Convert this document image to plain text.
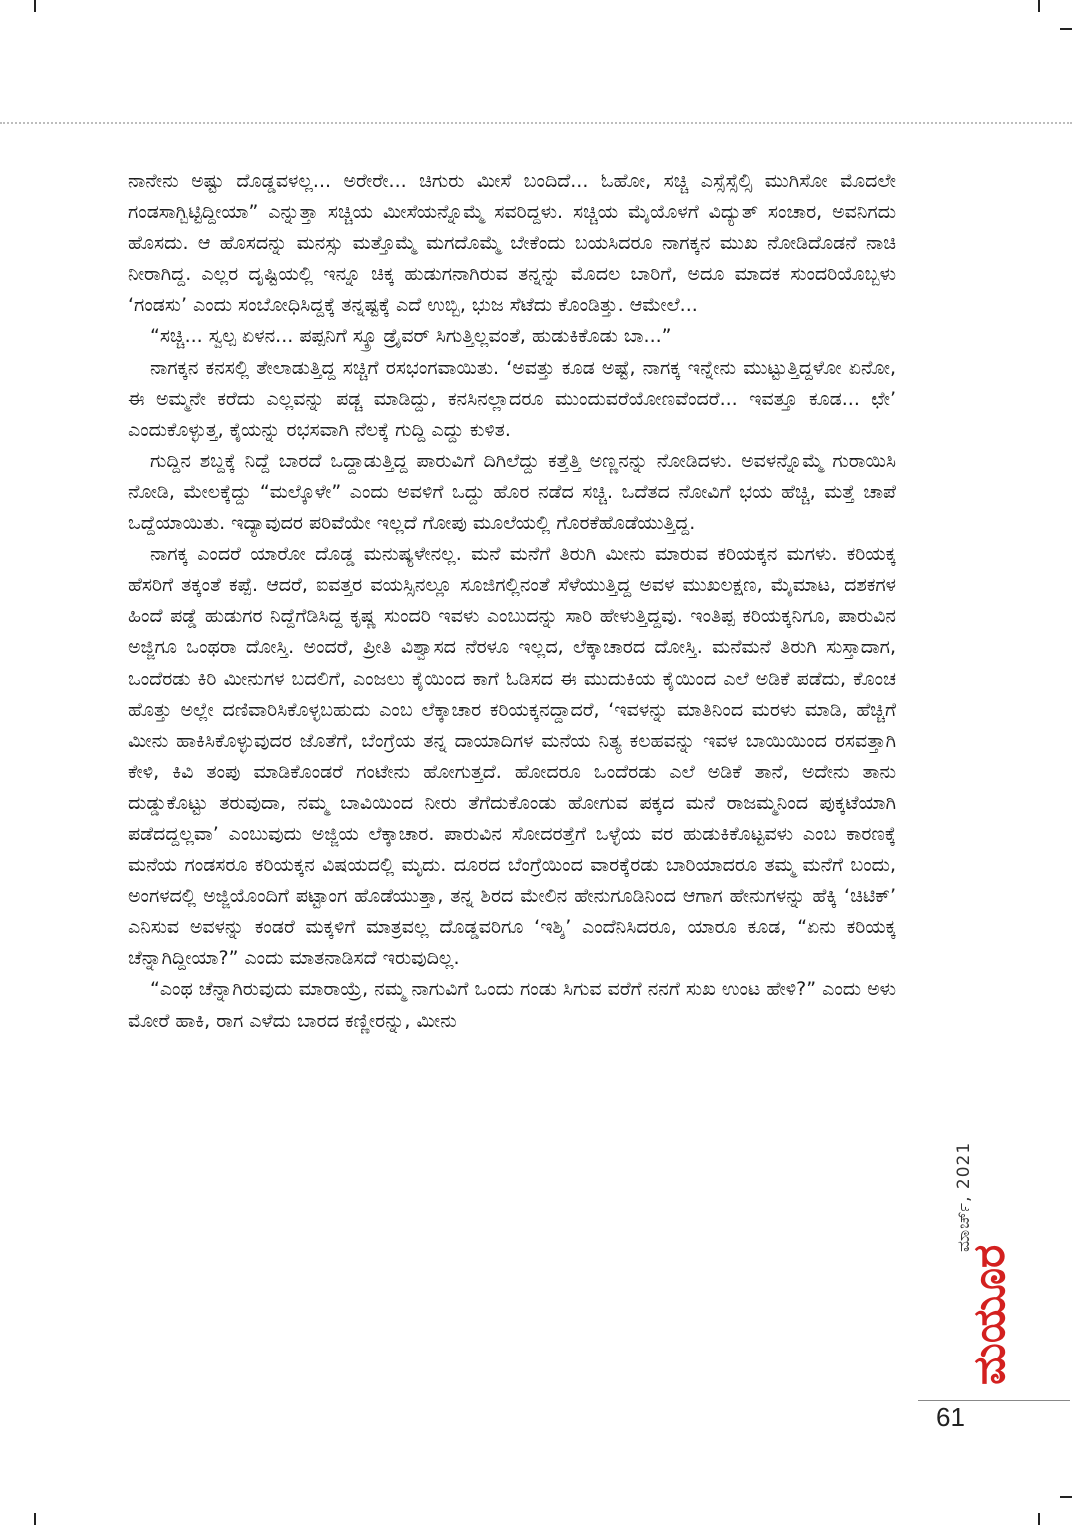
ನಾನೇನು ಅಷ್ಟು ದೊಡ್ಡವಳಲ್ಲ... ಅರೇರೇ... ಚಿಗುರು ಮೀಸೆ ಬಂದಿದೆ... ಓಹೋ, ಸಚ್ಚಿ ಎಸ್ಸೆಸ್ಸೆಲ್ಸಿ ಮುಗಿಸೋ ಮೊದಲೇ ಗಂಡಸಾಗ್ಬಿಟ್ಟಿದ್ದೀಯಾ” ಎನ್ನುತ್ತಾ ಸಚ್ಚಿಯ ಮೀಸೆಯನ್ನೊಮ್ಮೆ ಸವರಿದ್ದಳು. ಸಚ್ಚಿಯ ಮೈಯೊಳಗೆ ವಿದ್ಯುತ್ ಸಂಚಾರ, ಅವನಿಗದು ಹೊಸದು. ಆ ಹೊಸದನ್ನು ಮನಸ್ಸು ಮತ್ತೊಮ್ಮೆ ಮಗದೊಮ್ಮೆ ಬೇಕೆಂದು ಬಯಸಿದರೂ ನಾಗಕ್ಕನ ಮುಖ ನೋಡಿದೊಡನೆ ನಾಚಿ ನೀರಾಗಿದ್ದ. ಎಲ್ಲರ ದೃಷ್ಟಿಯಲ್ಲಿ ಇನ್ನೂ ಚಿಕ್ಕ ಹುಡುಗನಾಗಿರುವ ತನ್ನನ್ನು ಮೊದಲ ಬಾರಿಗೆ, ಅದೂ ಮಾದಕ ಸುಂದರಿಯೊಬ್ಬಳು ‘ಗಂಡಸು’ ಎಂದು ಸಂಬೋಧಿಸಿದ್ದಕ್ಕೆ ತನ್ನಷ್ಟಕ್ಕೆ ಎದೆ ಉಬ್ಬಿ, ಭುಜ ಸೆಟೆದು ಕೊಂಡಿತ್ತು. ಆಮೇಲೆ...

“ಸಚ್ಚಿ... ಸ್ವಲ್ಪ ಏಳನ... ಪಪ್ಪನಿಗೆ ಸ್ಕ್ರೂ ಡ್ರೈವರ್ ಸಿಗುತ್ತಿಲ್ಲವಂತೆ, ಹುಡುಕಿಕೊಡು ಬಾ...”

ನಾಗಕ್ಕನ ಕನಸಲ್ಲಿ ತೇಲಾಡುತ್ತಿದ್ದ ಸಚ್ಚಿಗೆ ರಸಭಂಗವಾಯಿತು. ‘ಅವತ್ತು ಕೂಡ ಅಷ್ಟೆ, ನಾಗಕ್ಕ ಇನ್ನೇನು ಮುಟ್ಟುತ್ತಿದ್ದಳೋ ಏನೋ, ಈ ಅಮ್ಮನೇ ಕರೆದು ಎಲ್ಲವನ್ನು ಪಡ್ಚ ಮಾಡಿದ್ದು, ಕನಸಿನಲ್ಲಾದರೂ ಮುಂದುವರೆಯೋಣವೆಂದರೆ... ಇವತ್ತೂ ಕೂಡ... ಛೇ’ ಎಂದುಕೊಳ್ಳುತ್ತ, ಕೈಯನ್ನು ರಭಸವಾಗಿ ನೆಲಕ್ಕೆ ಗುದ್ದಿ ಎದ್ದು ಕುಳಿತ.

ಗುದ್ದಿನ ಶಬ್ದಕ್ಕೆ ನಿದ್ದೆ ಬಾರದೆ ಒದ್ದಾಡುತ್ತಿದ್ದ ಪಾರುವಿಗೆ ದಿಗಿಲೆದ್ದು ಕತ್ತೆತ್ತಿ ಅಣ್ಣನನ್ನು ನೋಡಿದಳು. ಅವಳನ್ನೊಮ್ಮೆ ಗುರಾಯಿಸಿ ನೋಡಿ, ಮೇಲಕ್ಕೆದ್ದು “ಮಲ್ಕೊಳೇ” ಎಂದು ಅವಳಿಗೆ ಒದ್ದು ಹೊರ ನಡೆದ ಸಚ್ಚಿ. ಒದೆತದ ನೋವಿಗೆ ಭಯ ಹೆಚ್ಚಿ, ಮತ್ತೆ ಚಾಪೆ ಒದ್ದೆಯಾಯಿತು. ಇದ್ಯಾವುದರ ಪರಿವೆಯೇ ಇಲ್ಲದೆ ಗೋಪು ಮೂಲೆಯಲ್ಲಿ ಗೊರಕೆಹೊಡೆಯುತ್ತಿದ್ದ.

ನಾಗಕ್ಕ ಎಂದರೆ ಯಾರೋ ದೊಡ್ಡ ಮನುಷ್ಯಳೇನಲ್ಲ. ಮನೆ ಮನೆಗೆ ತಿರುಗಿ ಮೀನು ಮಾರುವ ಕರಿಯಕ್ಕನ ಮಗಳು. ಕರಿಯಕ್ಕ ಹೆಸರಿಗೆ ತಕ್ಕಂತೆ ಕಪ್ಪೆ. ಆದರೆ, ಐವತ್ತರ ವಯಸ್ಸಿನಲ್ಲೂ ಸೂಜಿಗಲ್ಲಿನಂತೆ ಸೆಳೆಯುತ್ತಿದ್ದ ಅವಳ ಮುಖಲಕ್ಷಣ, ಮೈಮಾಟ, ದಶಕಗಳ ಹಿಂದೆ ಪಡ್ಡೆ ಹುಡುಗರ ನಿದ್ದೆಗೆಡಿಸಿದ್ದ ಕೃಷ್ಣ ಸುಂದರಿ ಇವಳು ಎಂಬುದನ್ನು ಸಾರಿ ಹೇಳುತ್ತಿದ್ದವು. ಇಂತಿಪ್ಪ ಕರಿಯಕ್ಕನಿಗೂ, ಪಾರುವಿನ ಅಜ್ಜಿಗೂ ಒಂಥರಾ ದೋಸ್ತಿ. ಅಂದರೆ, ಪ್ರೀತಿ ವಿಶ್ವಾಸದ ನೆರಳೂ ಇಲ್ಲದ, ಲೆಕ್ಕಾಚಾರದ ದೋಸ್ತಿ. ಮನೆಮನೆ ತಿರುಗಿ ಸುಸ್ತಾದಾಗ, ಒಂದೆರಡು ಕಿರಿ ಮೀನುಗಳ ಬದಲಿಗೆ, ಎಂಜಲು ಕೈಯಿಂದ ಕಾಗೆ ಓಡಿಸದ ಈ ಮುದುಕಿಯ ಕೈಯಿಂದ ಎಲೆ ಅಡಿಕೆ ಪಡೆದು, ಕೊಂಚ ಹೊತ್ತು ಅಲ್ಲೇ ದಣಿವಾರಿಸಿಕೊಳ್ಳಬಹುದು ಎಂಬ ಲೆಕ್ಕಾಚಾರ ಕರಿಯಕ್ಕನದ್ದಾದರೆ, ‘ಇವಳನ್ನು ಮಾತಿನಿಂದ ಮರಳು ಮಾಡಿ, ಹೆಚ್ಚಿಗೆ ಮೀನು ಹಾಕಿಸಿಕೊಳ್ಳುವುದರ ಜೊತೆಗೆ, ಬೆಂಗ್ರೆಯ ತನ್ನ ದಾಯಾದಿಗಳ ಮನೆಯ ನಿತ್ಯ ಕಲಹವನ್ನು ಇವಳ ಬಾಯಿಯಿಂದ ರಸವತ್ತಾಗಿ ಕೇಳಿ, ಕಿವಿ ತಂಪು ಮಾಡಿಕೊಂಡರೆ ಗಂಟೇನು ಹೋಗುತ್ತದೆ. ಹೋದರೂ ಒಂದೆರಡು ಎಲೆ ಅಡಿಕೆ ತಾನೆ, ಅದೇನು ತಾನು ದುಡ್ಡುಕೊಟ್ಟು ತರುವುದಾ, ನಮ್ಮ ಬಾವಿಯಿಂದ ನೀರು ತೆಗೆದುಕೊಂಡು ಹೋಗುವ ಪಕ್ಕದ ಮನೆ ರಾಜಮ್ಮನಿಂದ ಪುಕ್ಕಟೆಯಾಗಿ ಪಡೆದದ್ದಲ್ಲವಾ’ ಎಂಬುವುದು ಅಜ್ಜಿಯ ಲೆಕ್ಕಾಚಾರ. ಪಾರುವಿನ ಸೋದರತ್ತೆಗೆ ಒಳ್ಳೆಯ ವರ ಹುಡುಕಿಕೊಟ್ಟವಳು ಎಂಬ ಕಾರಣಕ್ಕೆ ಮನೆಯ ಗಂಡಸರೂ ಕರಿಯಕ್ಕನ ವಿಷಯದಲ್ಲಿ ಮೃದು. ದೂರದ ಬೆಂಗ್ರೆಯಿಂದ ವಾರಕ್ಕೆರಡು ಬಾರಿಯಾದರೂ ತಮ್ಮ ಮನೆಗೆ ಬಂದು, ಅಂಗಳದಲ್ಲಿ ಅಜ್ಜಿಯೊಂದಿಗೆ ಪಟ್ಟಾಂಗ ಹೊಡೆಯುತ್ತಾ, ತನ್ನ ಶಿರದ ಮೇಲಿನ ಹೇನುಗೂಡಿನಿಂದ ಆಗಾಗ ಹೇನುಗಳನ್ನು ಹೆಕ್ಕಿ ‘ಚಿಟಿಕ್’ ಎನಿಸುವ ಅವಳನ್ನು ಕಂಡರೆ ಮಕ್ಕಳಿಗೆ ಮಾತ್ರವಲ್ಲ ದೊಡ್ಡವರಿಗೂ ‘ಇಶ್ಶಿ’ ಎಂದೆನಿಸಿದರೂ, ಯಾರೂ ಕೂಡ, “ಏನು ಕರಿಯಕ್ಕ ಚೆನ್ನಾಗಿದ್ದೀಯಾ?” ಎಂದು ಮಾತನಾಡಿಸದೆ ಇರುವುದಿಲ್ಲ.

“ಎಂಥ ಚೆನ್ನಾಗಿರುವುದು ಮಾರಾಯ್ರೆ, ನಮ್ಮ ನಾಗುವಿಗೆ ಒಂದು ಗಂಡು ಸಿಗುವ ವರೆಗೆ ನನಗೆ ಸುಖ ಉಂಟ ಹೇಳಿ?” ಎಂದು ಅಳು ಮೋರೆ ಹಾಕಿ, ರಾಗ ಎಳೆದು ಬಾರದ ಕಣ್ಣೀರನ್ನು, ಮೀನು

ಮಾರ್ಚ್, 2021
ಮಯೂರ
61
